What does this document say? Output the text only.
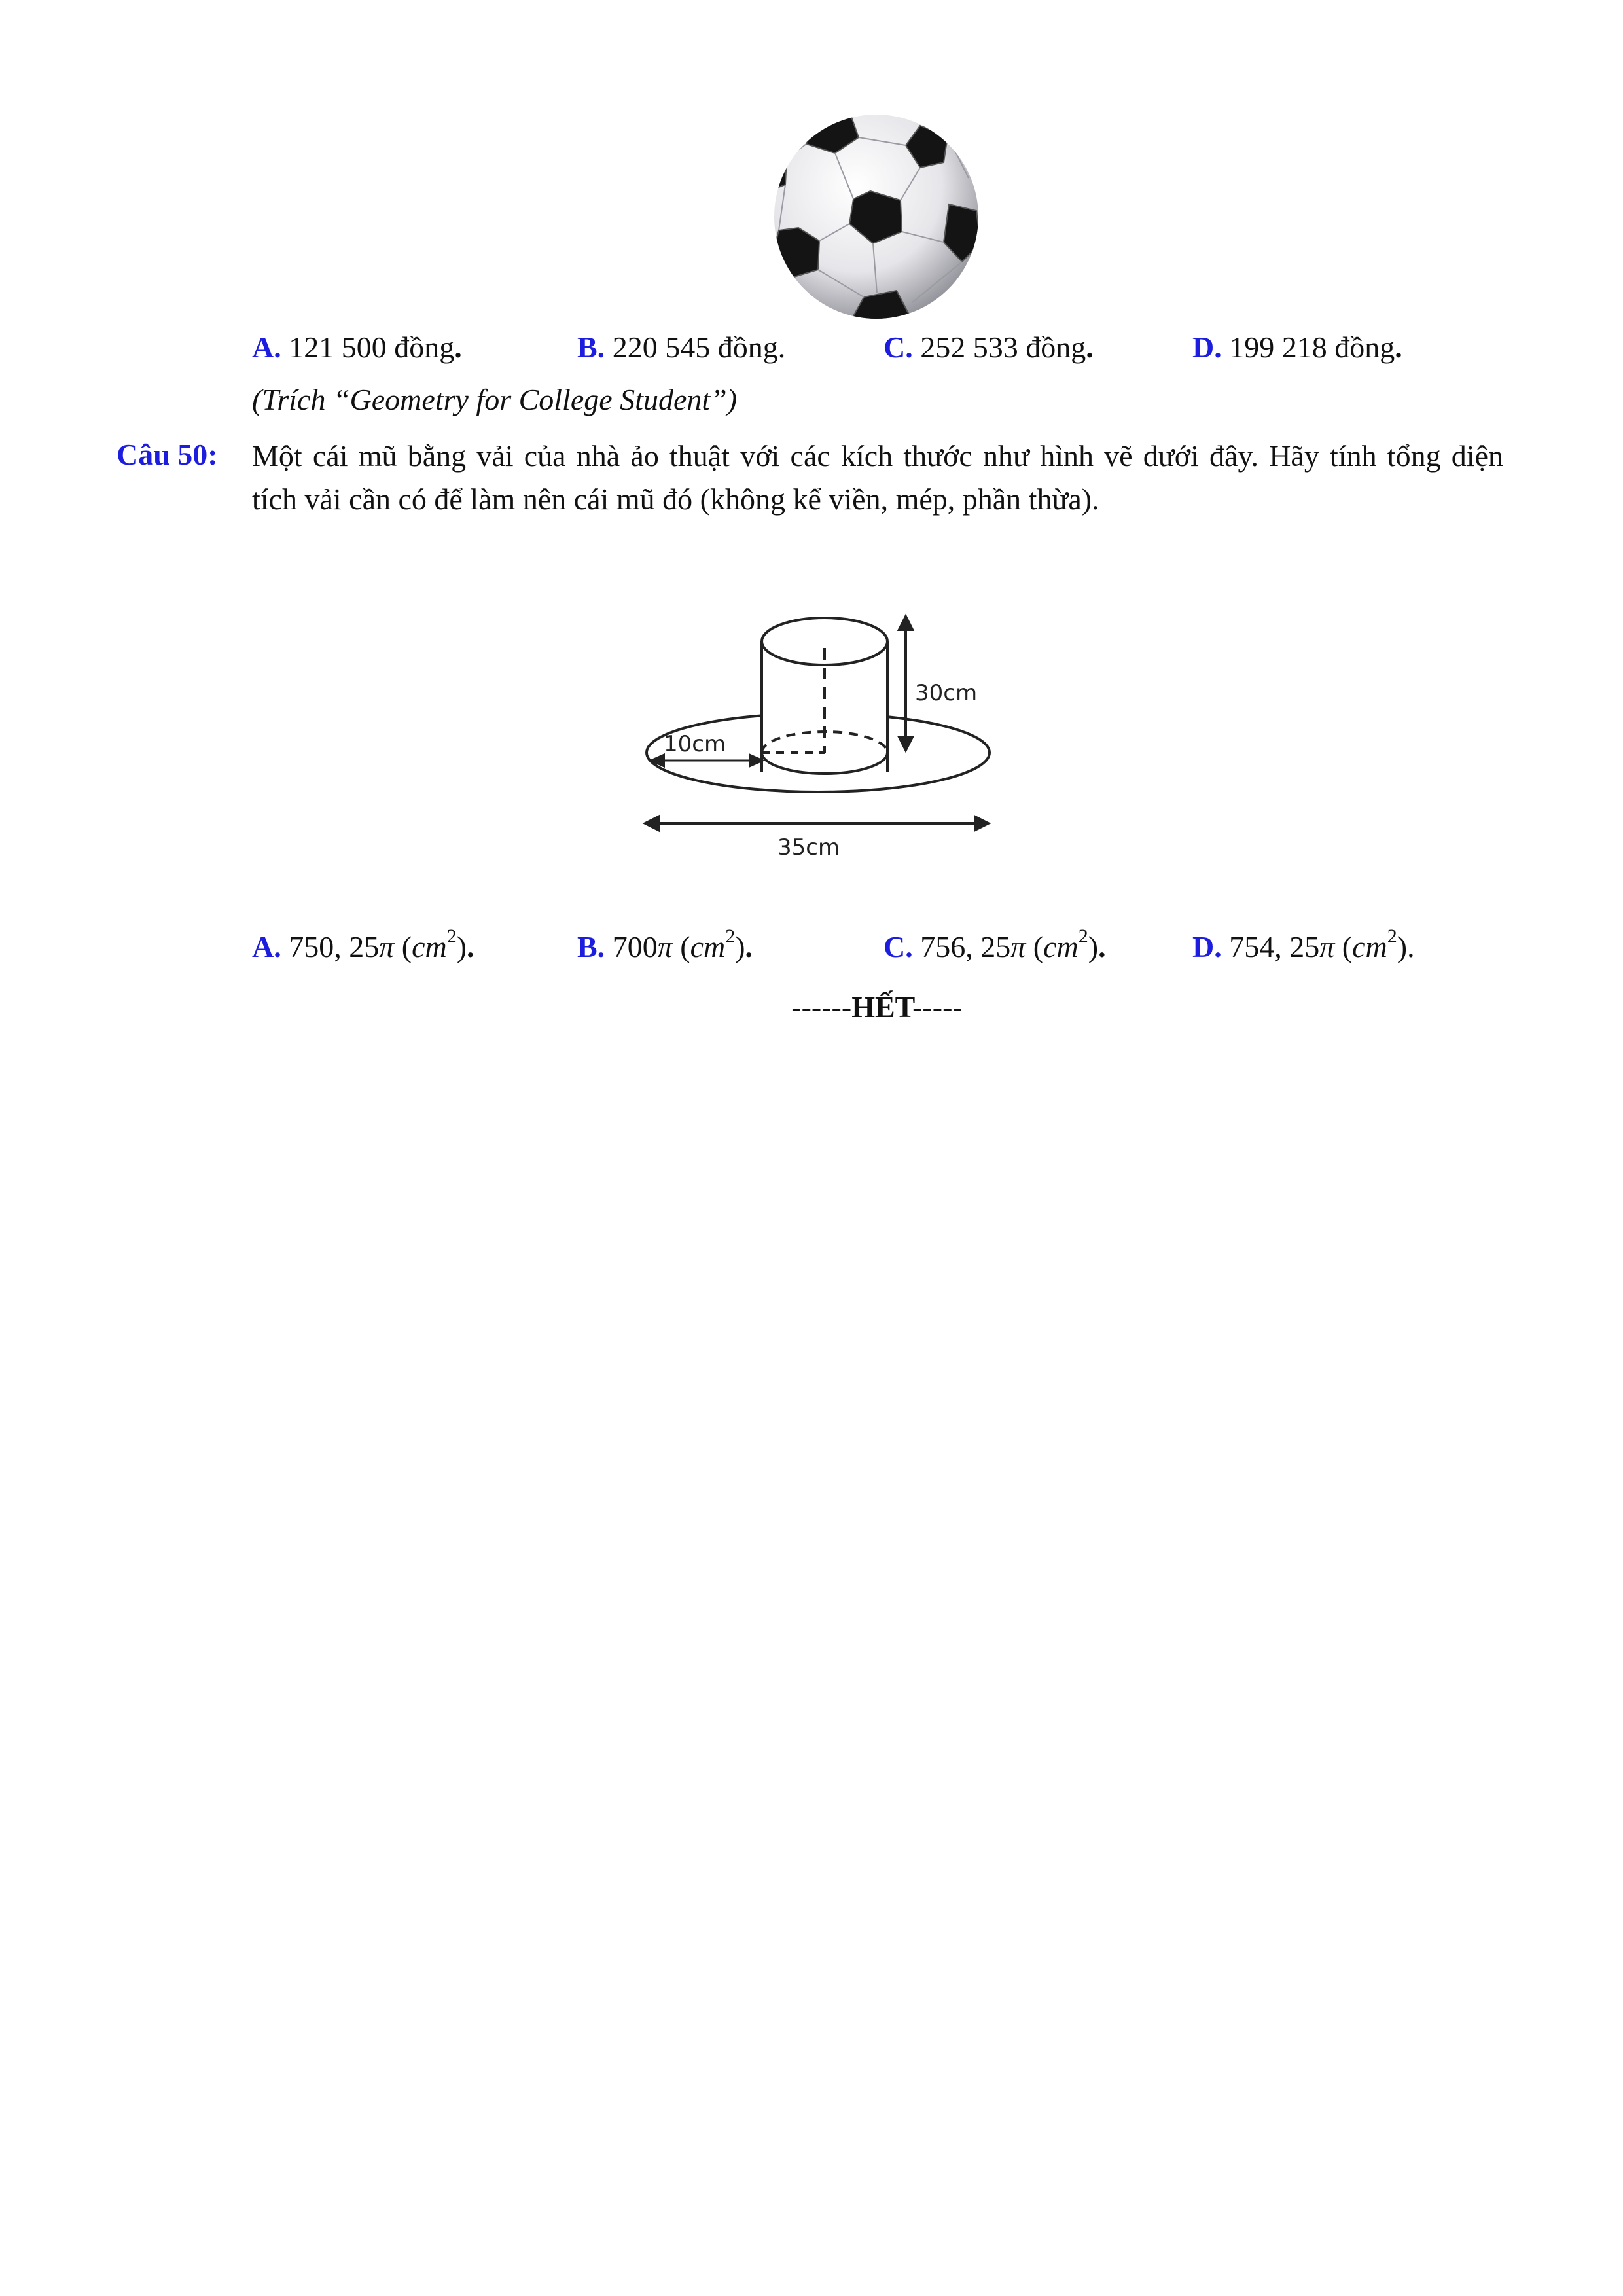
A. 121 500 đồng.	B. 220 545 đồng.	C. 252 533 đồng.	D. 199 218 đồng.
(Trích “Geometry for College Student”)
Câu 50: Một cái mũ bằng vải của nhà ảo thuật với các kích thước như hình vẽ dưới đây. Hãy tính tổng diện
tích vải cần có để làm nên cái mũ đó (không kể viền, mép, phần thừa).
30cm
10cm
35cm
A. 750, 25π $(cm^2)$.	B. 700π $(cm^2)$.	C. 756, 25π $(cm^2)$.	D. 754, 25π $(cm^2)$.
------HẾT-----
